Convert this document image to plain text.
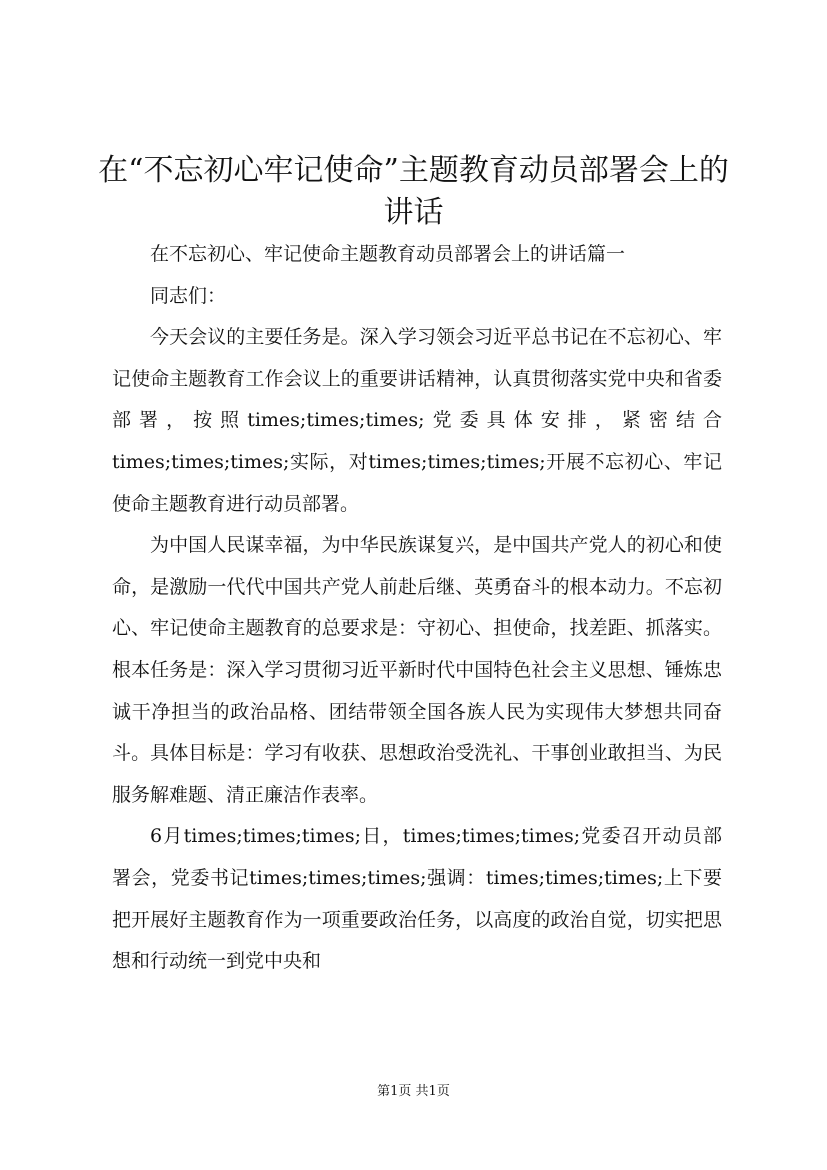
在“不忘初心牢记使命”主题教育动员部署会上的讲话

在不忘初心、牢记使命主题教育动员部署会上的讲话篇一

同志们：

今天会议的主要任务是。深入学习领会习近平总书记在不忘初心、牢记使命主题教育工作会议上的重要讲话精神，认真贯彻落实党中央和省委部署，按照times;times;times;党委具体安排，紧密结合times;times;times;实际，对times;times;times;开展不忘初心、牢记使命主题教育进行动员部署。

为中国人民谋幸福，为中华民族谋复兴，是中国共产党人的初心和使命，是激励一代代中国共产党人前赴后继、英勇奋斗的根本动力。不忘初心、牢记使命主题教育的总要求是：守初心、担使命，找差距、抓落实。根本任务是：深入学习贯彻习近平新时代中国特色社会主义思想、锤炼忠诚干净担当的政治品格、团结带领全国各族人民为实现伟大梦想共同奋斗。具体目标是：学习有收获、思想政治受洗礼、干事创业敢担当、为民服务解难题、清正廉洁作表率。

6月times;times;times;日，times;times;times;党委召开动员部署会，党委书记times;times;times;强调：times;times;times;上下要把开展好主题教育作为一项重要政治任务，以高度的政治自觉，切实把思想和行动统一到党中央和

第1页 共1页
